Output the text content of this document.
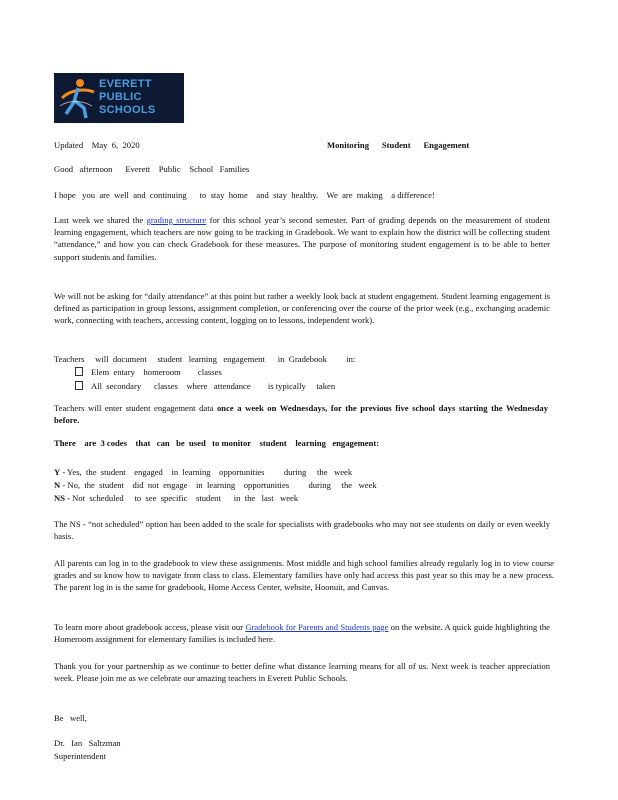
EVERETT
PUBLIC
SCHOOLS
Updated    May  6,  2020	Monitoring      Student      Engagement
Good   afternoon      Everett    Public    School   Families
I hope   you  are  well  and  continuing      to  stay  home    and  stay  healthy.    We  are  making    a difference!
Last week we shared the grading structure for this school year’s second semester. Part of grading depends on the measurement of student learning engagement, which teachers are now going to be tracking in Gradebook. We want to explain how the district will be collecting student “attendance,” and how you can check Gradebook for these measures. The purpose of monitoring student engagement is to be able to better support students and families.
We will not be asking for “daily attendance” at this point but rather a weekly look back at student engagement. Student learning engagement is defined as participation in group lessons, assignment completion, or conferencing over the course of the prior week (e.g., exchanging academic work, connecting with teachers, accessing content, logging on to lessons, independent work).
Teachers     will  document     student   learning   engagement      in  Gradebook         in:
Elem  entary    homeroom        classes
All  secondary      classes    where   attendance        is typically     taken
Teachers will enter student engagement data once a week on Wednesdays, for the previous five school days starting the Wednesday before.
There    are  3 codes    that   can   be  used   to monitor    student    learning   engagement:
Y - Yes,  the  student    engaged    in  learning    opportunities         during     the   week
N - No,  the  student    did  not  engage    in  learning    opportunities         during     the   week
NS - Not  scheduled     to  see  specific    student      in  the   last   week
The NS - “not scheduled” option has been added to the scale for specialists with gradebooks who may not see students on daily or even weekly basis.
All parents can log in to the gradebook to view these assignments. Most middle and high school families already regularly log in to view course grades and so know how to navigate from class to class. Elementary families have only had access this past year so this may be a new process. The parent log in is the same for gradebook, Home Access Center, website, Hoonuit, and Canvas.
To learn more about gradebook access, please visit our Gradebook for Parents and Students page on the website. A quick guide highlighting the Homeroom assignment for elementary families is included here.
Thank you for your partnership as we continue to better define what distance learning means for all of us. Next week is teacher appreciation week. Please join me as we celebrate our amazing teachers in Everett Public Schools.
Be   well,
Dr.   Ian   Saltzman
Superintendent
